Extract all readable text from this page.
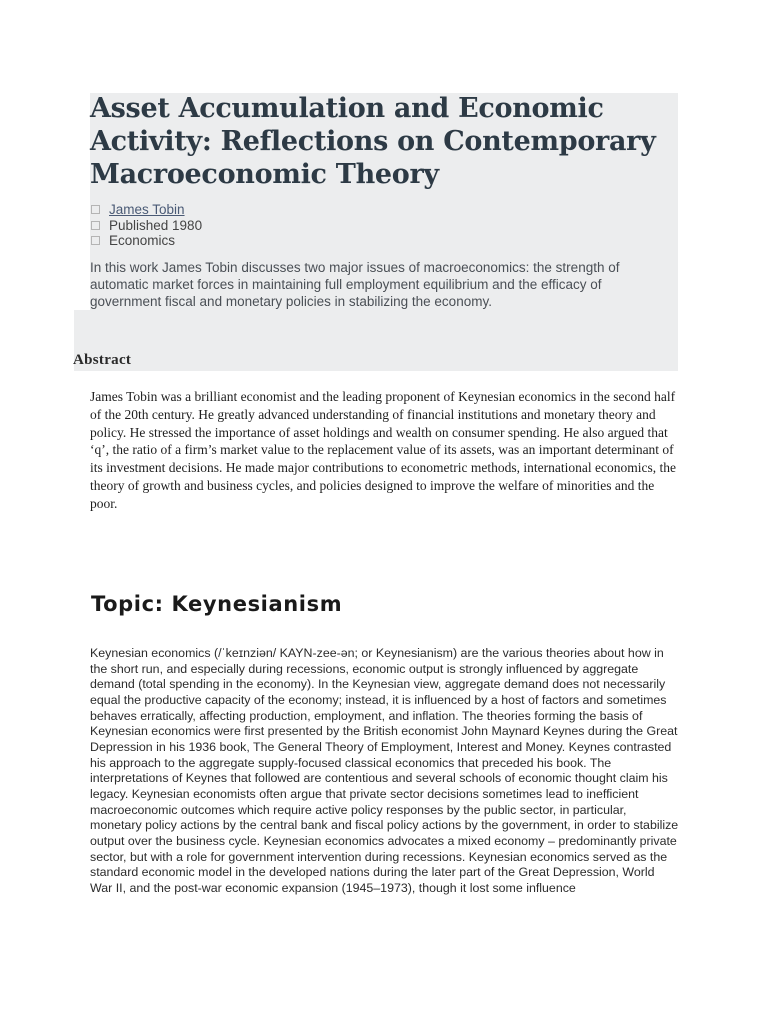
Asset Accumulation and Economic Activity: Reflections on Contemporary Macroeconomic Theory
James Tobin
Published 1980
Economics

In this work James Tobin discusses two major issues of macroeconomics: the strength of automatic market forces in maintaining full employment equilibrium and the efficacy of government fiscal and monetary policies in stabilizing the economy.

Abstract

James Tobin was a brilliant economist and the leading proponent of Keynesian economics in the second half of the 20th century. He greatly advanced understanding of financial institutions and monetary theory and policy. He stressed the importance of asset holdings and wealth on consumer spending. He also argued that ‘q’, the ratio of a firm’s market value to the replacement value of its assets, was an important determinant of its investment decisions. He made major contributions to econometric methods, international economics, the theory of growth and business cycles, and policies designed to improve the welfare of minorities and the poor.

Topic: Keynesianism

Keynesian economics (/ˈkeɪnziən/ KAYN-zee-ən; or Keynesianism) are the various theories about how in the short run, and especially during recessions, economic output is strongly influenced by aggregate demand (total spending in the economy). In the Keynesian view, aggregate demand does not necessarily equal the productive capacity of the economy; instead, it is influenced by a host of factors and sometimes behaves erratically, affecting production, employment, and inflation. The theories forming the basis of Keynesian economics were first presented by the British economist John Maynard Keynes during the Great Depression in his 1936 book, The General Theory of Employment, Interest and Money. Keynes contrasted his approach to the aggregate supply-focused classical economics that preceded his book. The interpretations of Keynes that followed are contentious and several schools of economic thought claim his legacy. Keynesian economists often argue that private sector decisions sometimes lead to inefficient macroeconomic outcomes which require active policy responses by the public sector, in particular, monetary policy actions by the central bank and fiscal policy actions by the government, in order to stabilize output over the business cycle. Keynesian economics advocates a mixed economy – predominantly private sector, but with a role for government intervention during recessions. Keynesian economics served as the standard economic model in the developed nations during the later part of the Great Depression, World War II, and the post-war economic expansion (1945–1973), though it lost some influence
